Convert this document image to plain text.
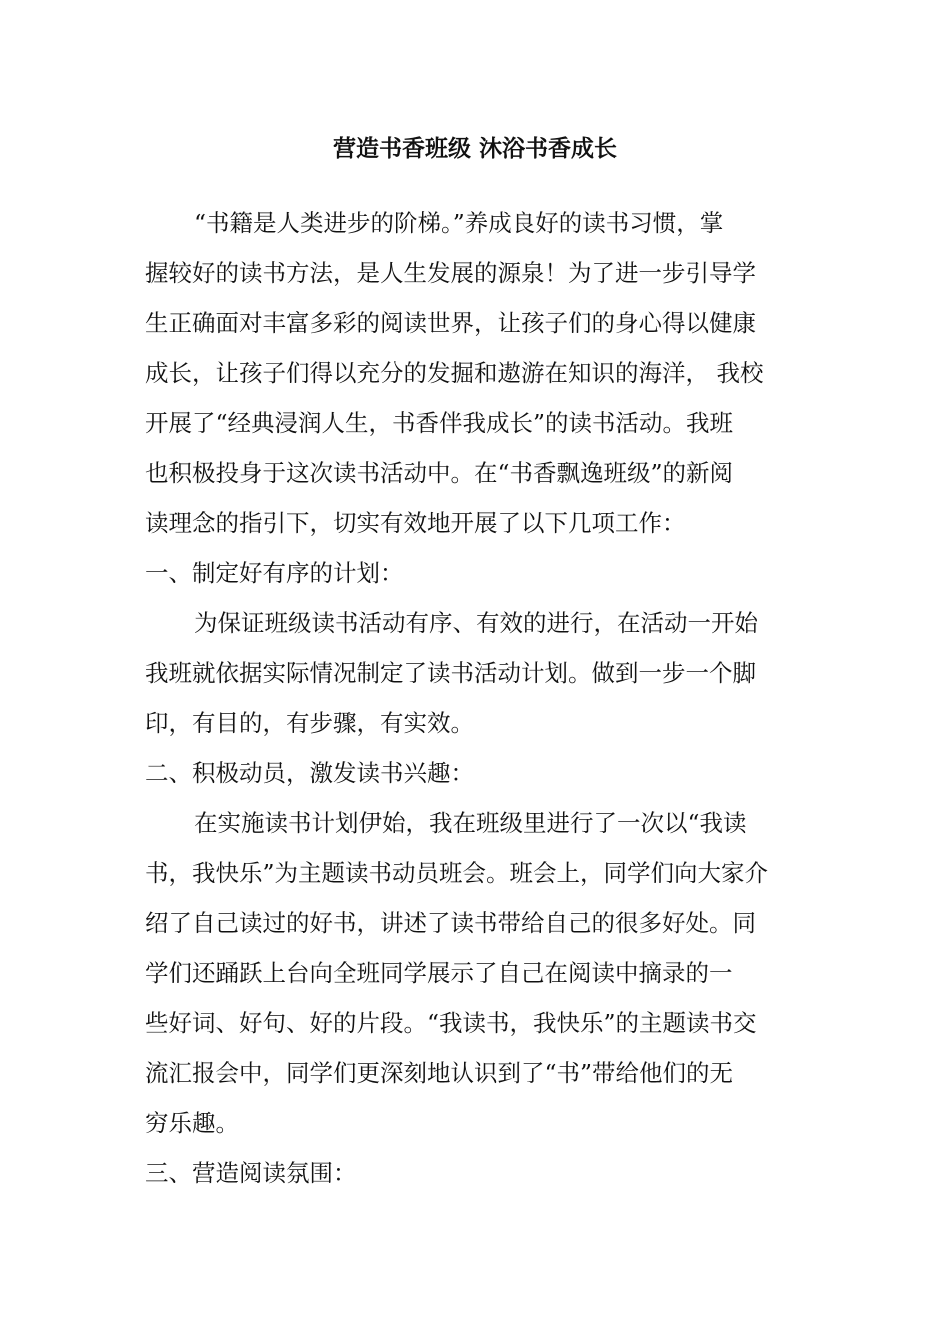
营造书香班级 沐浴书香成长
“书籍是人类进步的阶梯。”养成良好的读书习惯，掌
握较好的读书方法，是人生发展的源泉！为了进一步引导学
生正确面对丰富多彩的阅读世界，让孩子们的身心得以健康
成长，让孩子们得以充分的发掘和遨游在知识的海洋， 我校
开展了“经典浸润人生，书香伴我成长”的读书活动。我班
也积极投身于这次读书活动中。在“书香飘逸班级”的新阅
读理念的指引下，切实有效地开展了以下几项工作：
一、制定好有序的计划：
为保证班级读书活动有序、有效的进行，在活动一开始
我班就依据实际情况制定了读书活动计划。做到一步一个脚
印，有目的，有步骤，有实效。
二、积极动员，激发读书兴趣：
在实施读书计划伊始，我在班级里进行了一次以“我读
书，我快乐”为主题读书动员班会。班会上，同学们向大家介
绍了自己读过的好书，讲述了读书带给自己的很多好处。同
学们还踊跃上台向全班同学展示了自己在阅读中摘录的一
些好词、好句、好的片段。“我读书，我快乐”的主题读书交
流汇报会中，同学们更深刻地认识到了“书”带给他们的无
穷乐趣。
三、营造阅读氛围：
